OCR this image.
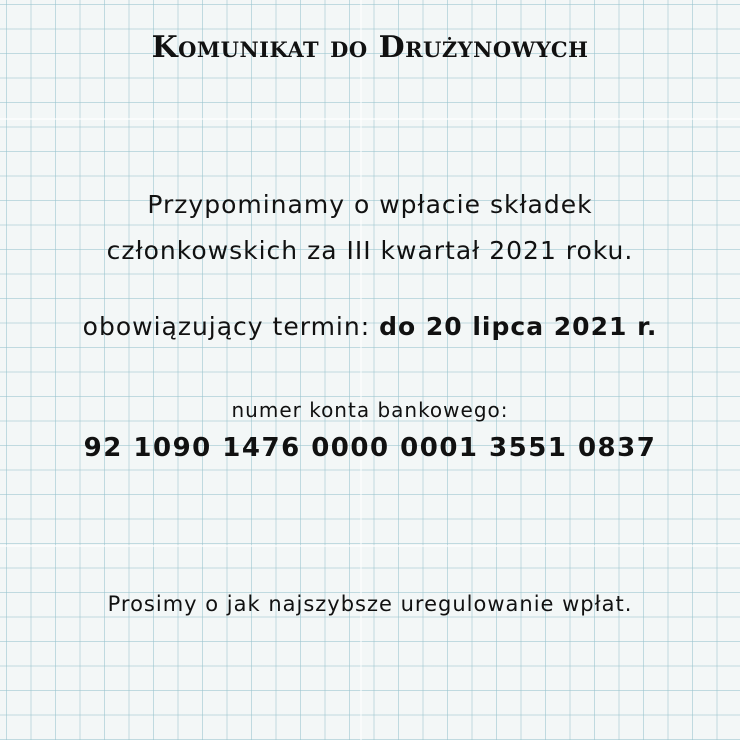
Komunikat do Drużynowych
Przypominamy o wpłacie składek
członkowskich za III kwartał 2021 roku.
obowiązujący termin: do 20 lipca 2021 r.
numer konta bankowego:
92 1090 1476 0000 0001 3551 0837
Prosimy o jak najszybsze uregulowanie wpłat.
